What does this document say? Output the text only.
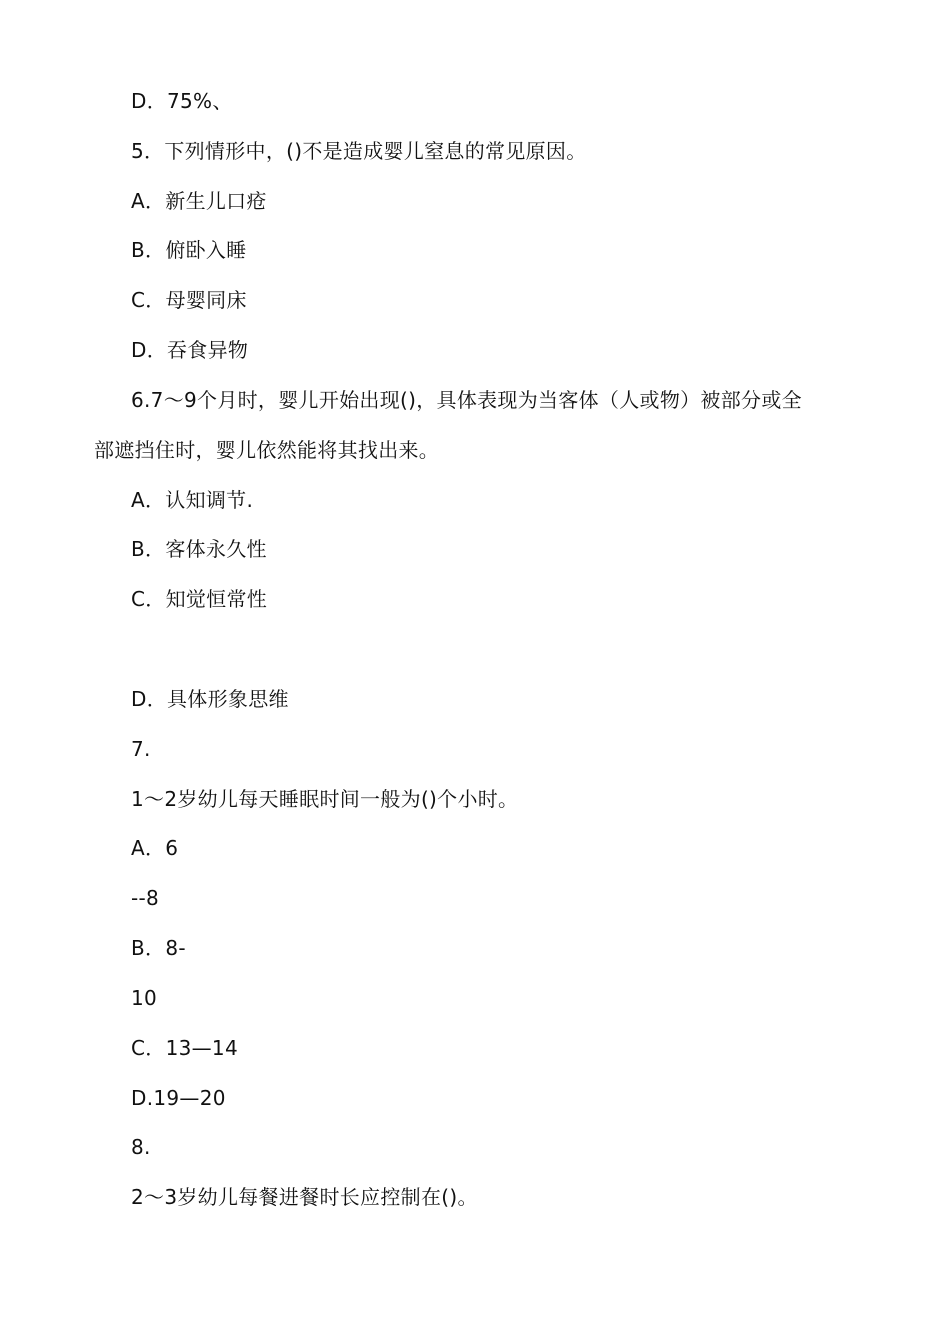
D．75%、
5．下列情形中，()不是造成婴儿窒息的常见原因。
A．新生儿口疮
B．俯卧入睡
C．母婴同床
D．吞食异物
6.7～9个月时，婴儿开始出现()，具体表现为当客体（人或物）被部分或全
部遮挡住时，婴儿依然能将其找出来。
A．认知调节.
B．客体永久性
C．知觉恒常性
D．具体形象思维
7.
1～2岁幼儿每天睡眠时间一般为()个小时。
A．6
--8
B．8-
10
C．13—14
D.19—20
8.
2～3岁幼儿每餐进餐时长应控制在()。
